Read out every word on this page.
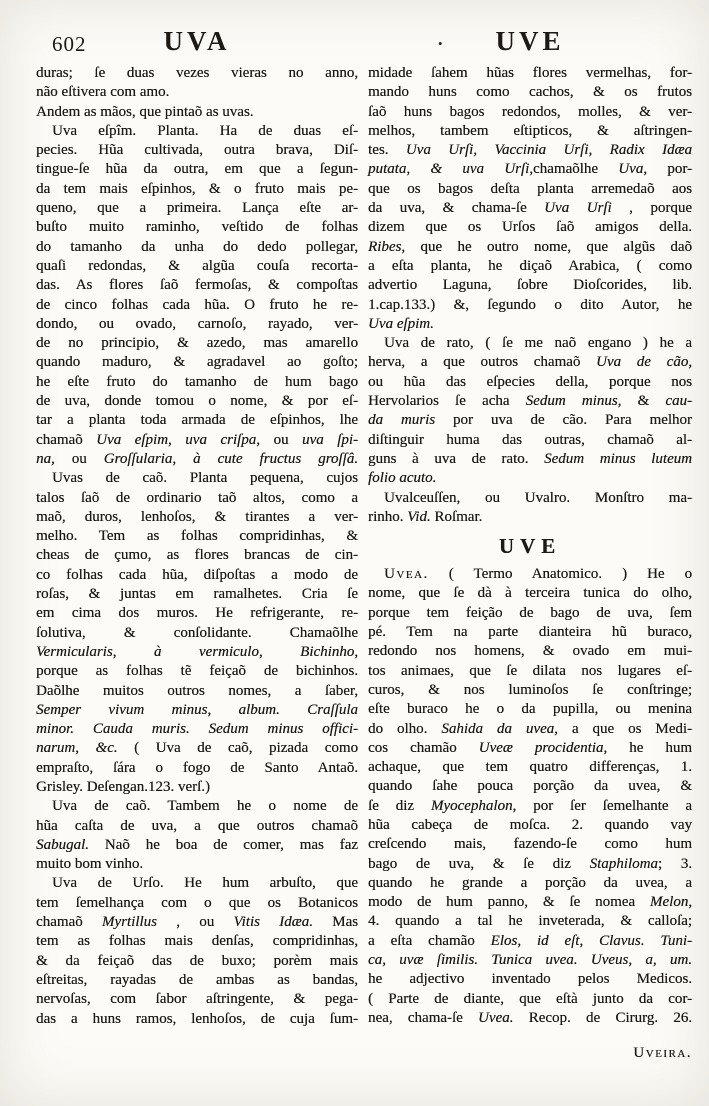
602	UVA	•	UVE
duras; ſe duas vezes vieras no anno,
não eſtivera com amo.
Andem as mãos, que pintaõ as uvas.
Uva eſpîm. Planta. Ha de duas eſ-
pecies. Hũa cultivada, outra brava, Diſ-
tingue-ſe hũa da outra, em que a ſegun-
da tem mais eſpinhos, & o fruto mais pe-
queno, que a primeira. Lança eſte ar-
buſto muito raminho, veſtido de folhas
do tamanho da unha do dedo pollegar,
quaſi redondas, & algũa couſa recorta-
das. As flores ſaõ fermoſas, & compoſtas
de cinco folhas cada hũa. O fruto he re-
dondo, ou ovado, carnoſo, rayado, ver-
de no principio, & azedo, mas amarello
quando maduro, & agradavel ao goſto;
he eſte fruto do tamanho de hum bago
de uva, donde tomou o nome, & por eſ-
tar a planta toda armada de eſpinhos, lhe
chamaõ Uva eſpim, uva criſpa, ou uva ſpi-
na, ou Groſſularia, à cute fructus groſſâ.
Uvas de caõ. Planta pequena, cujos
talos ſaõ de ordinario taõ altos, como a
maõ, duros, lenhoſos, & tirantes a ver-
melho. Tem as folhas compridinhas, &
cheas de çumo, as flores brancas de cin-
co folhas cada hũa, diſpoſtas a modo de
roſas, & juntas em ramalhetes. Cria ſe
em cima dos muros. He refrigerante, re-
ſolutiva, & conſolidante. Chamaõlhe
Vermicularis, à vermiculo, Bichinho,
porque as folhas tẽ feiçaõ de bichinhos.
Daõlhe muitos outros nomes, a ſaber,
Semper vivum minus, album. Craſſula
minor. Cauda muris. Sedum minus offici-
narum, &c. ( Uva de caõ, pizada como
empraſto, ſára o fogo de Santo Antaõ.
Grisley. Deſengan.123. verſ.)
Uva de caõ. Tambem he o nome de
hũa caſta de uva, a que outros chamaõ
Sabugal. Naõ he boa de comer, mas faz
muito bom vinho.
Uva de Urſo. He hum arbuſto, que
tem ſemelhança com o que os Botanicos
chamaõ Myrtillus , ou Vitis Idæa. Mas
tem as folhas mais denſas, compridinhas,
& da feiçaõ das de buxo; porèm mais
eſtreitas, rayadas de ambas as bandas,
nervoſas, com ſabor aſtringente, & pega-
das a huns ramos, lenhoſos, de cuja ſum-
midade ſahem hũas flores vermelhas, for-
mando huns como cachos, & os frutos
ſaõ huns bagos redondos, molles, & ver-
melhos, tambem eſtipticos, & aſtringen-
tes. Uva Urſi, Vaccinia Urſi, Radix Idæa
putata, & uva Urſi,chamaõlhe Uva, por-
que os bagos deſta planta arremedaõ aos
da uva, & chama-ſe Uva Urſi , porque
dizem que os Urſos ſaõ amigos della.
Ribes, que he outro nome, que algũs daõ
a eſta planta, he diçaõ Arabica, ( como
advertio Laguna, ſobre Dioſcorides, lib.
1.cap.133.) &, ſegundo o dito Autor, he
Uva eſpim.
Uva de rato, ( ſe me naõ engano ) he a
herva, a que outros chamaõ Uva de cão,
ou hũa das eſpecies della, porque nos
Hervolarios ſe acha Sedum minus, & cau-
da muris por uva de cão. Para melhor
diſtinguir huma das outras, chamaõ al-
guns à uva de rato. Sedum minus luteum
folio acuto.
Uvalceuſſen, ou Uvalro. Monſtro ma-
rinho. Vid. Roſmar.
UVE
Uvea. ( Termo Anatomico. ) He o
nome, que ſe dà à terceira tunica do olho,
porque tem feição de bago de uva, ſem
pé. Tem na parte dianteira hũ buraco,
redondo nos homens, & ovado em mui-
tos animaes, que ſe dilata nos lugares eſ-
curos, & nos luminoſos ſe conſtringe;
eſte buraco he o da pupilla, ou menina
do olho. Sahida da uvea, a que os Medi-
cos chamão Uveæ procidentia, he hum
achaque, que tem quatro differenças, 1.
quando ſahe pouca porção da uvea, &
ſe diz Myocephalon, por ſer ſemelhante a
hũa cabeça de moſca. 2. quando vay
creſcendo mais, fazendo-ſe como hum
bago de uva, & ſe diz Staphiloma; 3.
quando he grande a porção da uvea, a
modo de hum panno, & ſe nomea Melon,
4. quando a tal he inveterada, & calloſa;
a eſta chamão Elos, id eſt, Clavus. Tuni-
ca, uvæ ſimilis. Tunica uvea. Uveus, a, um.
he adjectivo inventado pelos Medicos.
( Parte de diante, que eſtà junto da cor-
nea, chama-ſe Uvea. Recop. de Cirurg. 26.
Uveira.
